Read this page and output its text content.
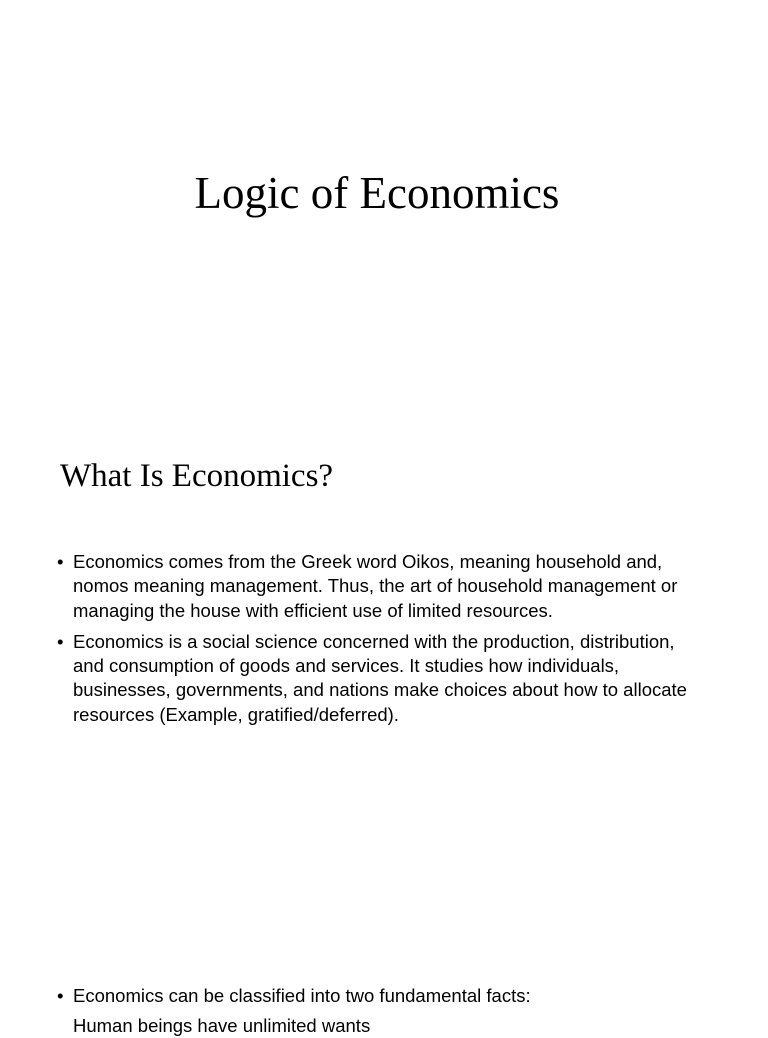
Logic of Economics
What Is Economics?
• Economics comes from the Greek word Oikos, meaning household and, nomos meaning management. Thus, the art of household management or managing the house with efficient use of limited resources.
• Economics is a social science concerned with the production, distribution, and consumption of goods and services. It studies how individuals, businesses, governments, and nations make choices about how to allocate resources (Example, gratified/deferred).
• Economics can be classified into two fundamental facts:
Human beings have unlimited wants
